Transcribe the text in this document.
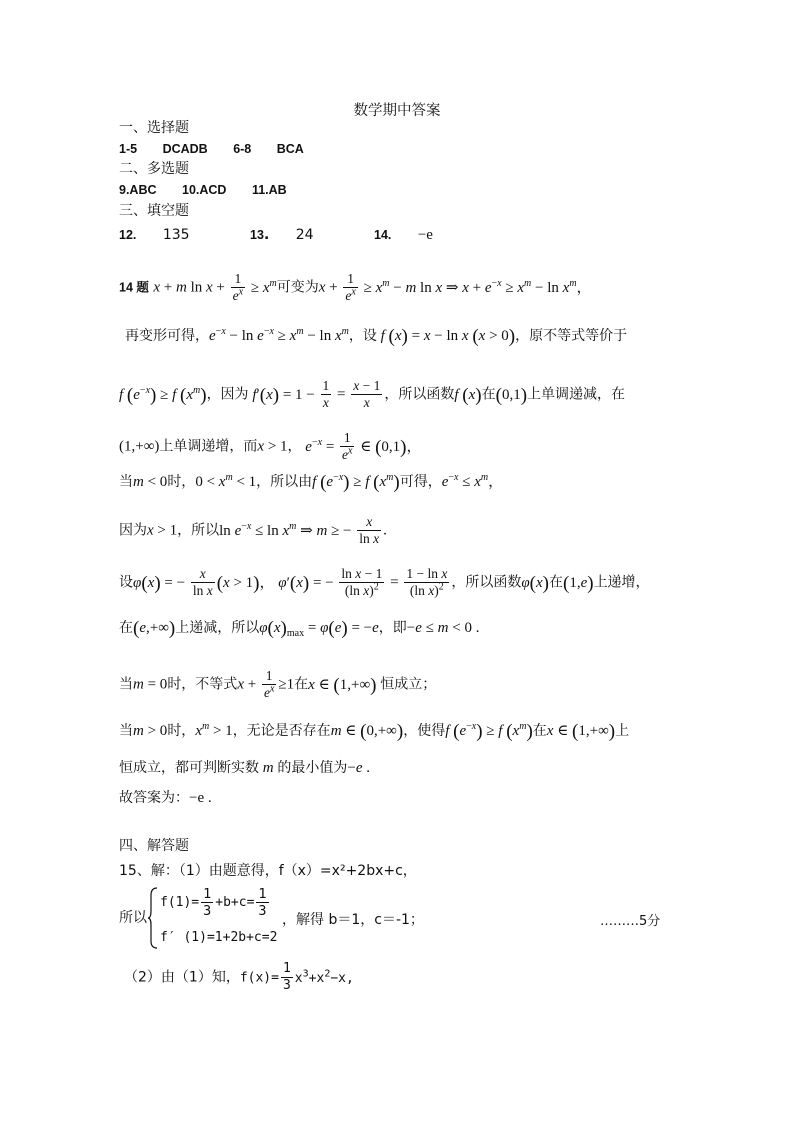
数学期中答案
一、选择题
1-5 DCADB 6-8 BCA
二、多选题
9.ABC 10.ACD 11.AB
三、填空题
12. 135	13. 24	14. −e
14 题 x + m $\ln x + \frac{1}{e^x} \ge x^m$可变为$x + \frac{1}{e^x} \ge x^m - m$ ln x ⇒ $x + e^{-x} \ge x^m - \ln x^m$，
再变形可得，$e^{-x} - \ln e^{-x} \ge x^m - \ln x^m$，设 f (x) = x − ln x (x > 0)，原不等式等价于
f $(e^{-x}) \ge f$ $(x^m)$，因为 $f'(x) = 1 - \frac{1}{x} = \frac{x - 1}{x}$ ，所以函数f (x)在(0,1)上单调递减，在
(1,+∞)上单调递增，而x > 1， $e^{-x} = \frac{1}{e^x}$ ∈ (0,1)，
当m < 0时，$0 < x^m < 1$，所以由f $(e^{-x}) \ge f$ $(x^m)$可得，$e^{-x} \le x^m$，
因为x > 1，所以$\ln e^{-x} \le \ln x^m$ ⇒ m ≥ − $\frac{x}{\text{ln x}}$ .
设φ(x) = − $\frac{x}{\text{ln x}} (x > 1)$， φ′(x) = − $\frac{\text{ln x − 1}}{(\ln x)^2} = \frac{\text{1 − ln x}}{(\ln x)^2}$ ，所以函数φ(x)在(1,e)上递增，
在(e,+∞)上递减，所以$\varphi(x)_{max} = \varphi(e) = -e$，即−e ≤ m < 0 .
当m = 0时，不等式$x + \frac{1}{e^x} \ge 1$在x ∈ (1,+∞) 恒成立；
当m > 0时，$x^m > 1$，无论是否存在m ∈ (0,+∞)，使得f $(e^{-x}) \ge f$ $(x^m)$在x ∈ (1,+∞)上
恒成立，都可判断实数 m 的最小值为−e .
故答案为：−e .
四、解答题
15、解：（1）由题意得，f（x）=x²+2bx+c，
所以
$f(1)= \frac{1}{3} +b+c= \frac{1}{3}$
f′ (1)=1+2b+c=2
，解得 b＝1，c＝-1；	………5分
（2）由（1）知，$f(x)= \frac{1}{3} x^3+x^2-x$,
